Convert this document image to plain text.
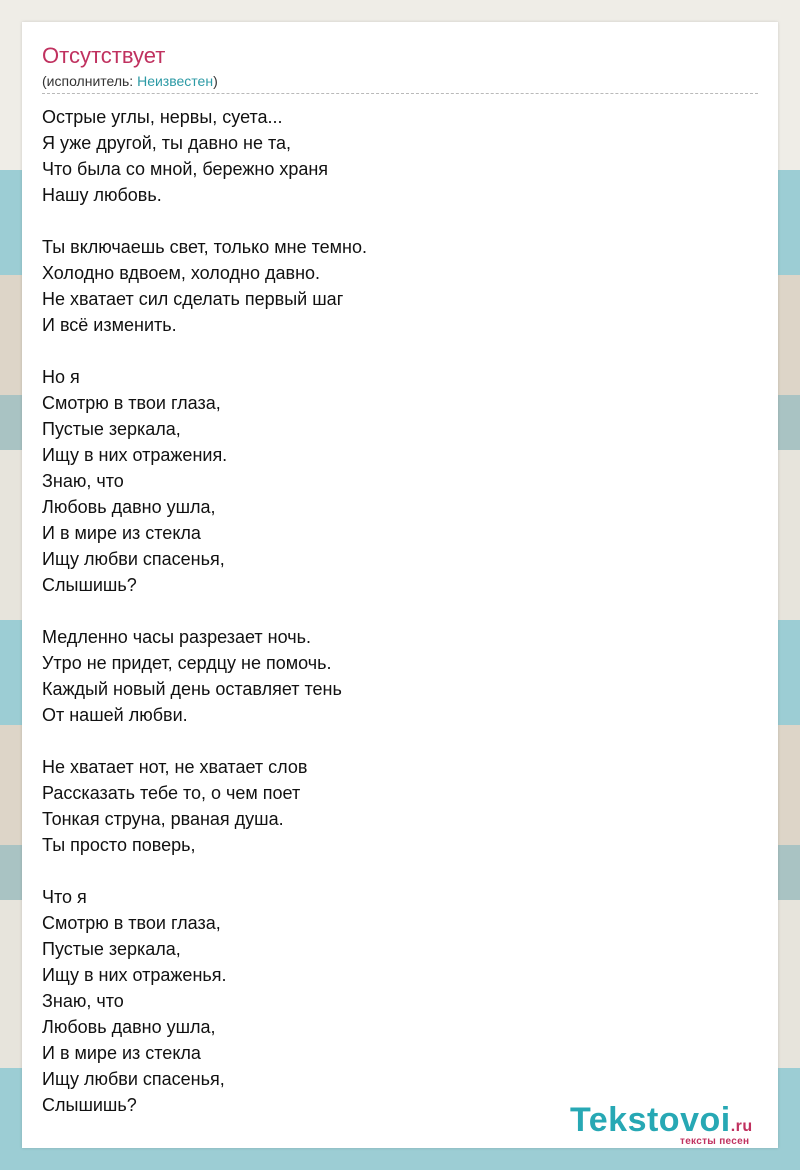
Отсутствует
(исполнитель: Неизвестен)
Острые углы, нервы, суета...
Я уже другой, ты давно не та,
Что была со мной, бережно храня
Нашу любовь.
Ты включаешь свет, только мне темно.
Холодно вдвоем, холодно давно.
Не хватает сил сделать первый шаг
И всё изменить.
Но я
Смотрю в твои глаза,
Пустые зеркала,
Ищу в них отражения.
Знаю, что
Любовь давно ушла,
И в мире из стекла
Ищу любви спасенья,
Слышишь?
Медленно часы разрезает ночь.
Утро не придет, сердцу не помочь.
Каждый новый день оставляет тень
От нашей любви.
Не хватает нот, не хватает слов
Рассказать тебе то, о чем поет
Тонкая струна, рваная душа.
Ты просто поверь,
Что я
Смотрю в твои глаза,
Пустые зеркала,
Ищу в них отраженья.
Знаю, что
Любовь давно ушла,
И в мире из стекла
Ищу любви спасенья,
Слышишь?	Tekstovoi.ru
тексты песен
